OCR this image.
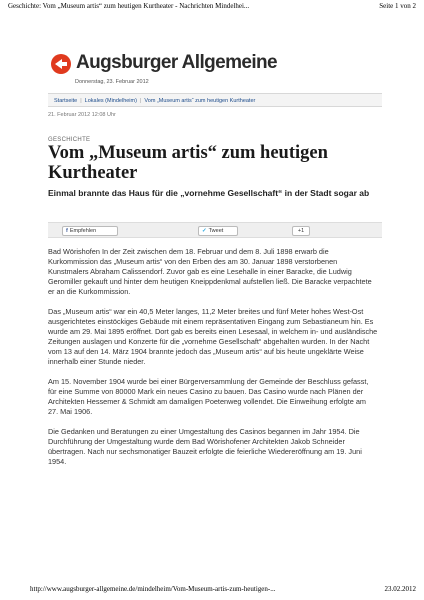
Geschichte: Vom „Museum artis“ zum heutigen Kurtheater - Nachrichten Mindelhei...	Seite 1 von 2
Augsburger Allgemeine
Donnerstag, 23. Februar 2012
Startseite | Lokales (Mindelheim) | Vom „Museum artis“ zum heutigen Kurtheater
21. Februar 2012 12:08 Uhr
GESCHICHTE
Vom „Museum artis“ zum heutigen Kurtheater
Einmal brannte das Haus für die „vornehme Gesellschaft“ in der Stadt sogar ab
f Empfehlen	✓ Tweet	+1

Bad Wörishofen In der Zeit zwischen dem 18. Februar und dem 8. Juli 1898 erwarb die Kurkommission das „Museum artis“ von den Erben des am 30. Januar 1898 verstorbenen Kunstmalers Abraham Calissendorf. Zuvor gab es eine Lesehalle in einer Baracke, die Ludwig Geromiller gekauft und hinter dem heutigen Kneippdenkmal aufstellen ließ. Die Baracke verpachtete er an die Kurkommission.

Das „Museum artis“ war ein 40,5 Meter langes, 11,2 Meter breites und fünf Meter hohes West-Ost ausgerichtetes einstöckiges Gebäude mit einem repräsentativen Eingang zum Sebastianeum hin. Es wurde am 29. Mai 1895 eröffnet. Dort gab es bereits einen Lesesaal, in welchem in- und ausländische Zeitungen auslagen und Konzerte für die „vornehme Gesellschaft“ abgehalten wurden. In der Nacht vom 13 auf den 14. März 1904 brannte jedoch das „Museum artis“ auf bis heute ungeklärte Weise innerhalb einer Stunde nieder.

Am 15. November 1904 wurde bei einer Bürgerversammlung der Gemeinde der Beschluss gefasst, für eine Summe von 80000 Mark ein neues Casino zu bauen. Das Casino wurde nach Plänen der Architekten Hessemer & Schmidt am damaligen Poetenweg vollendet. Die Einweihung erfolgte am 27. Mai 1906.

Die Gedanken und Beratungen zu einer Umgestaltung des Casinos begannen im Jahr 1954. Die Durchführung der Umgestaltung wurde dem Bad Wörishofener Architekten Jakob Schneider übertragen. Nach nur sechsmonatiger Bauzeit erfolgte die feierliche Wiedereröffnung am 19. Juni 1954.

http://www.augsburger-allgemeine.de/mindelheim/Vom-Museum-artis-zum-heutigen-...	23.02.2012
